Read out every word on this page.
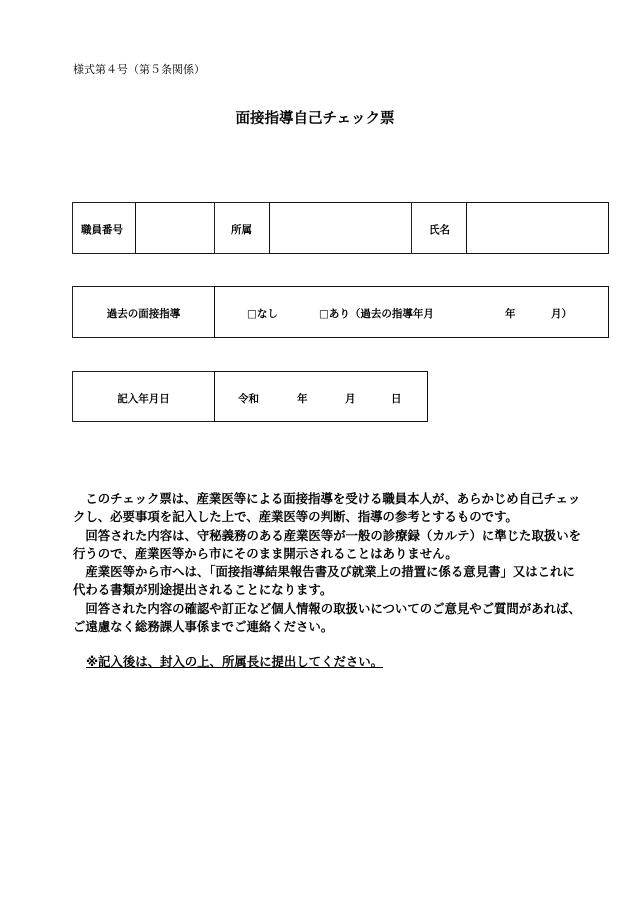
様式第４号（第５条関係）
面接指導自己チェック票
職員番号	所属	氏名
過去の面接指導	□なし	□あり（過去の指導年月	年	月）
記入年月日	令和	年	月	日

このチェック票は、産業医等による面接指導を受ける職員本人が、あらかじめ自己チェックし、必要事項を記入した上で、産業医等の判断、指導の参考とするものです。

回答された内容は、守秘義務のある産業医等が一般の診療録（カルテ）に準じた取扱いを行うので、産業医等から市にそのまま開示されることはありません。

産業医等から市へは、「面接指導結果報告書及び就業上の措置に係る意見書」又はこれに代わる書類が別途提出されることになります。

回答された内容の確認や訂正など個人情報の取扱いについてのご意見やご質問があれば、ご遠慮なく総務課人事係までご連絡ください。

※記入後は、封入の上、所属長に提出してください。
